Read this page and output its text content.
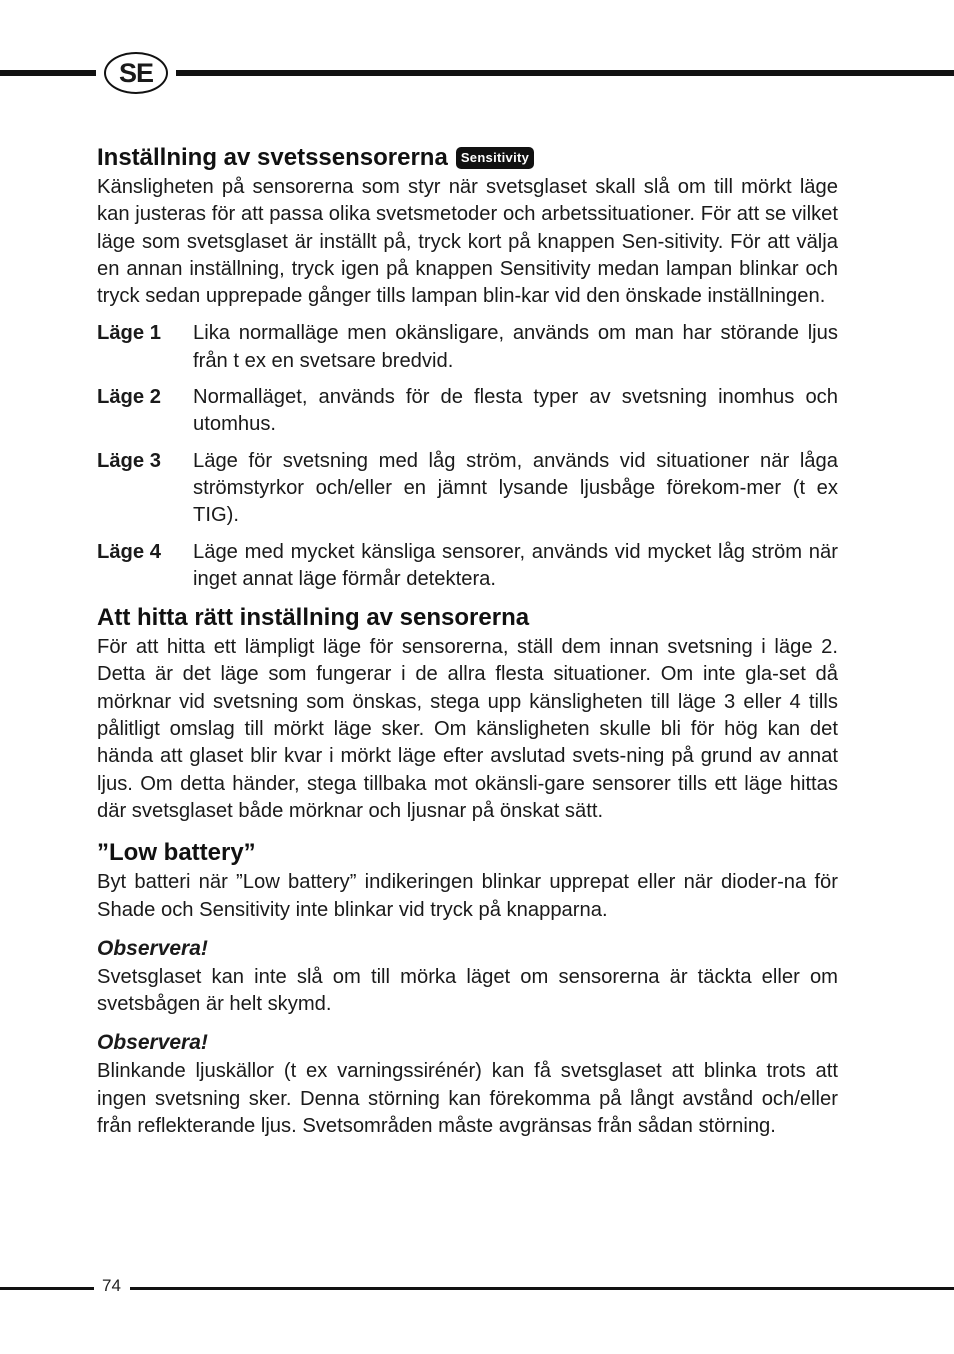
SE
Inställning av svetssensorerna Sensitivity

Känsligheten på sensorerna som styr när svetsglaset skall slå om till mörkt läge kan justeras för att passa olika svetsmetoder och arbetssituationer. För att se vilket läge som svetsglaset är inställt på, tryck kort på knappen Sen-sitivity. För att välja en annan inställning, tryck igen på knappen Sensitivity medan lampan blinkar och tryck sedan upprepade gånger tills lampan blin-kar vid den önskade inställningen.

Läge 1	Lika normalläge men okänsligare, används om man har störande ljus från t ex en svetsare bredvid.
Läge 2	Normalläget, används för de flesta typer av svetsning inomhus och utomhus.
Läge 3	Läge för svetsning med låg ström, används vid situationer när låga strömstyrkor och/eller en jämnt lysande ljusbåge förekom-mer (t ex TIG).
Läge 4	Läge med mycket känsliga sensorer, används vid mycket låg ström när inget annat läge förmår detektera.
Att hitta rätt inställning av sensorerna

För att hitta ett lämpligt läge för sensorerna, ställ dem innan svetsning i läge 2. Detta är det läge som fungerar i de allra flesta situationer. Om inte gla-set då mörknar vid svetsning som önskas, stega upp känsligheten till läge 3 eller 4 tills pålitligt omslag till mörkt läge sker. Om känsligheten skulle bli för hög kan det hända att glaset blir kvar i mörkt läge efter avslutad svets-ning på grund av annat ljus. Om detta händer, stega tillbaka mot okänsli-gare sensorer tills ett läge hittas där svetsglaset både mörknar och ljusnar på önskat sätt.

”Low battery”

Byt batteri när ”Low battery” indikeringen blinkar upprepat eller när dioder-na för Shade och Sensitivity inte blinkar vid tryck på knapparna.

Observera!

Svetsglaset kan inte slå om till mörka läget om sensorerna är täckta eller om svetsbågen är helt skymd.

Observera!

Blinkande ljuskällor (t ex varningssirénér) kan få svetsglaset att blinka trots att ingen svetsning sker. Denna störning kan förekomma på långt avstånd och/eller från reflekterande ljus. Svetsområden måste avgränsas från sådan störning.

74
